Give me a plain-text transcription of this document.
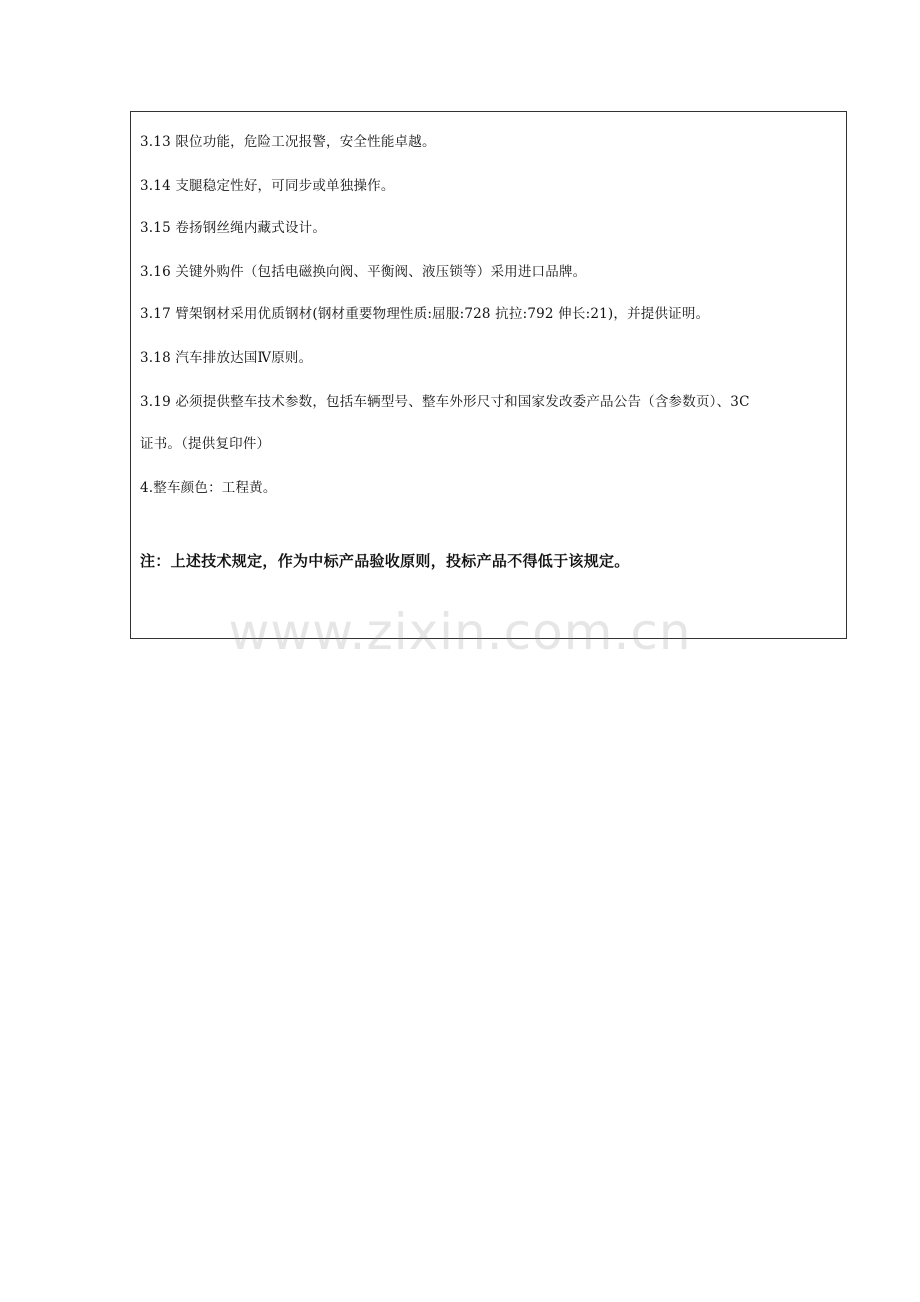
3.13 限位功能，危险工况报警，安全性能卓越。
3.14 支腿稳定性好，可同步或单独操作。
3.15 卷扬钢丝绳内藏式设计。
3.16 关键外购件（包括电磁换向阀、平衡阀、液压锁等）采用进口品牌。
3.17 臂架钢材采用优质钢材(钢材重要物理性质:屈服:728 抗拉:792 伸长:21)，并提供证明。
3.18 汽车排放达国Ⅳ原则。
3.19 必须提供整车技术参数，包括车辆型号、整车外形尺寸和国家发改委产品公告（含参数页）、3C
证书。（提供复印件）
4.整车颜色：工程黄。
注：上述技术规定，作为中标产品验收原则，投标产品不得低于该规定。
www.zixin.com.cn
